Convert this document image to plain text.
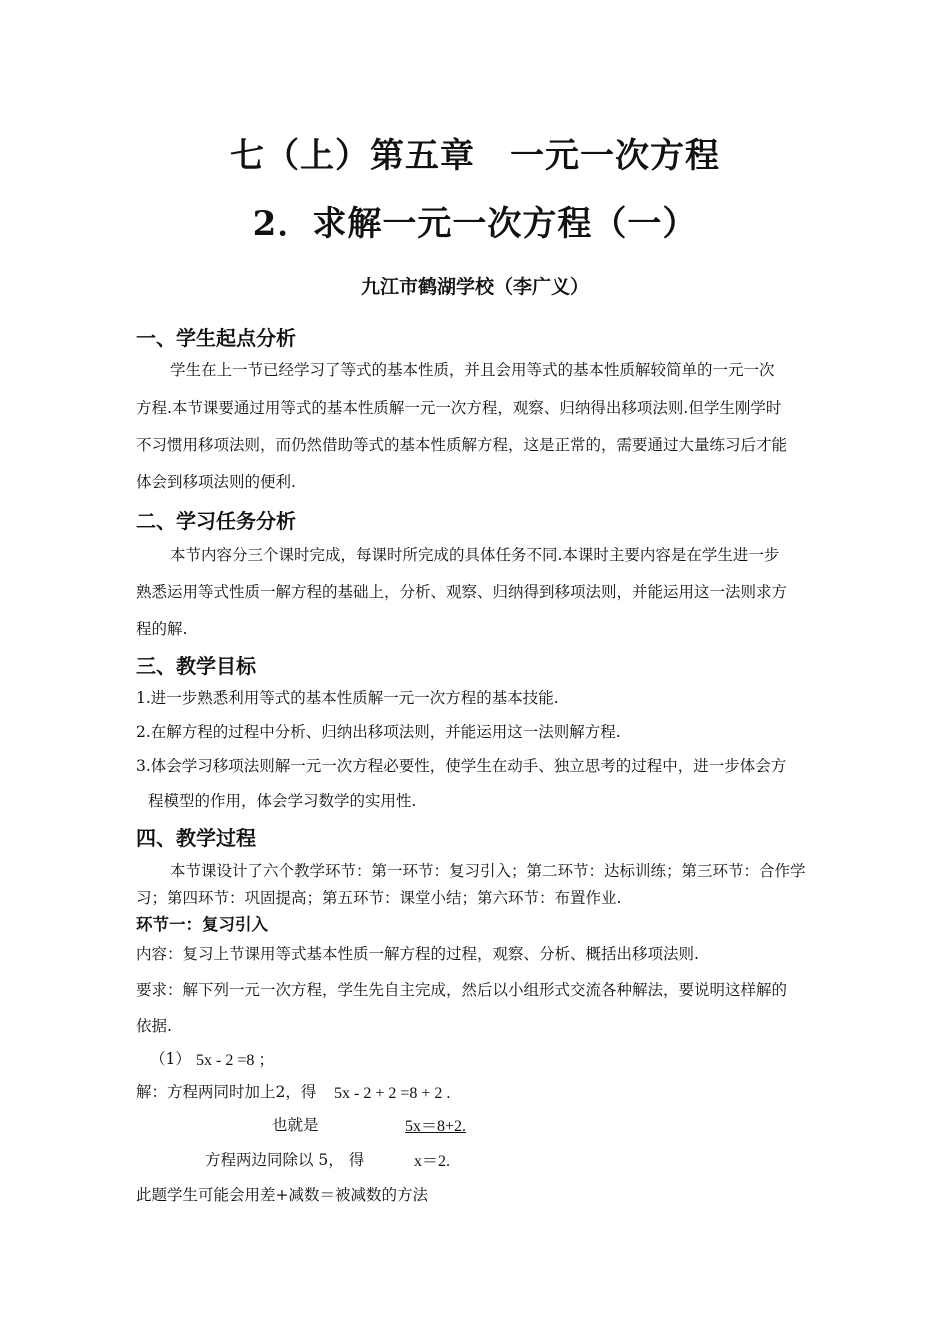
七（上）第五章　一元一次方程
2．求解一元一次方程（一）
九江市鹤湖学校（李广义）
一、学生起点分析
学生在上一节已经学习了等式的基本性质，并且会用等式的基本性质解较简单的一元一次
方程.本节课要通过用等式的基本性质解一元一次方程，观察、归纳得出移项法则.但学生刚学时
不习惯用移项法则，而仍然借助等式的基本性质解方程，这是正常的，需要通过大量练习后才能
体会到移项法则的便利.
二、学习任务分析
本节内容分三个课时完成，每课时所完成的具体任务不同.本课时主要内容是在学生进一步
熟悉运用等式性质一解方程的基础上，分析、观察、归纳得到移项法则，并能运用这一法则求方
程的解.
三、教学目标
1.进一步熟悉利用等式的基本性质解一元一次方程的基本技能.
2.在解方程的过程中分析、归纳出移项法则，并能运用这一法则解方程.
3.体会学习移项法则解一元一次方程必要性，使学生在动手、独立思考的过程中，进一步体会方
程模型的作用，体会学习数学的实用性.
四、教学过程
本节课设计了六个教学环节：第一环节：复习引入；第二环节：达标训练；第三环节：合作学
习；第四环节：巩固提高；第五环节：课堂小结；第六环节：布置作业.
环节一：复习引入
内容：复习上节课用等式基本性质一解方程的过程，观察、分析、概括出移项法则.
要求：解下列一元一次方程，学生先自主完成，然后以小组形式交流各种解法，要说明这样解的
依据.
（1） 5x - 2 =8 ；
解：方程两同时加上2，得 5x - 2 + 2 =8 + 2 .
也就是	5x＝8+2.
方程两边同除以 5， 得	x＝2.
此题学生可能会用差+减数＝被减数的方法
